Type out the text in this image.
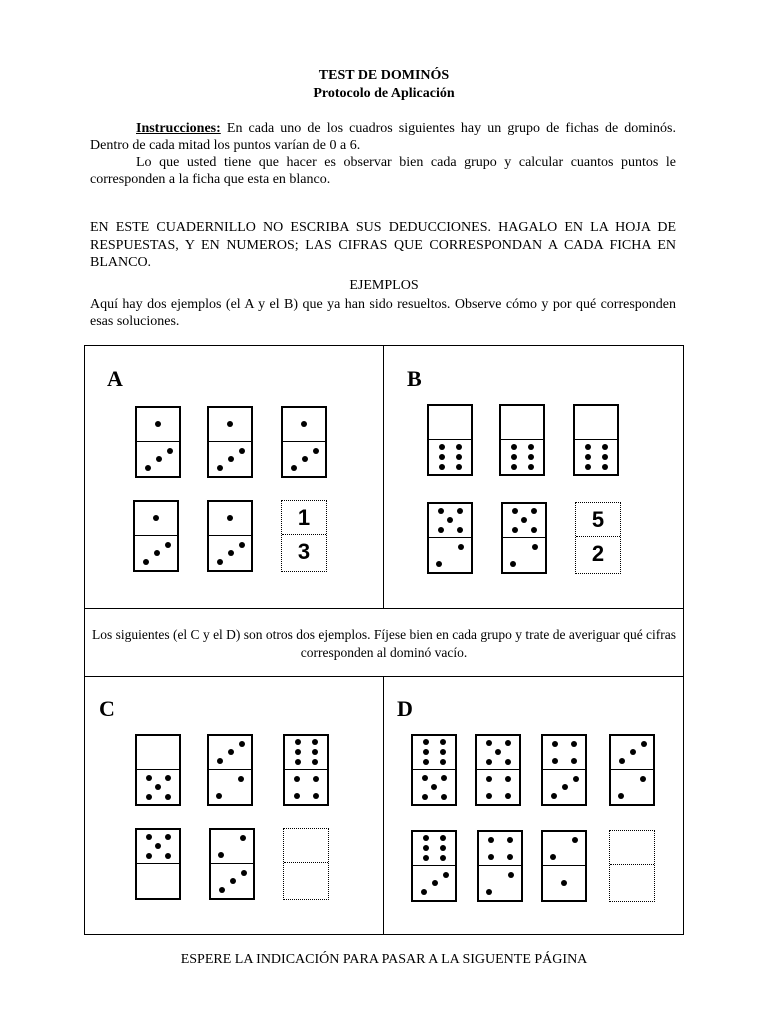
TEST DE DOMINÓS
Protocolo de Aplicación

Instrucciones: En cada uno de los cuadros siguientes hay un grupo de fichas de dominós. Dentro de cada mitad los puntos varían de 0 a 6.

Lo que usted tiene que hacer es observar bien cada grupo y calcular cuantos puntos le corresponden a la ficha que esta en blanco.

EN ESTE CUADERNILLO NO ESCRIBA SUS DEDUCCIONES. HAGALO EN LA HOJA DE RESPUESTAS, Y EN NUMEROS; LAS CIFRAS QUE CORRESPONDAN A CADA FICHA EN BLANCO.

EJEMPLOS

Aquí hay dos ejemplos (el A y el B) que ya han sido resueltos. Observe cómo y por qué corresponden esas soluciones.

A	B
C	D
Los siguientes (el C y el D) son otros dos ejemplos. Fíjese bien en cada grupo y trate de averiguar qué cifras corresponden al dominó vacío.
1
3
5
2
ESPERE LA INDICACIÓN PARA PASAR A LA SIGUENTE PÁGINA
